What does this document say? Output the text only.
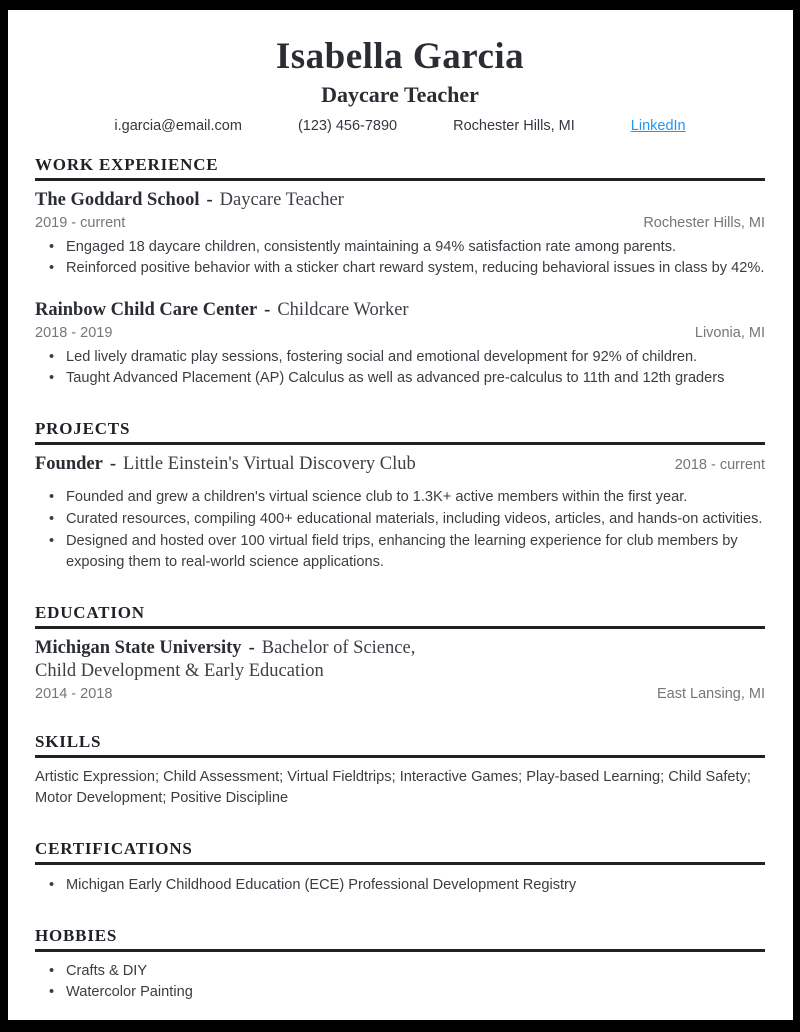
Isabella Garcia
Daycare Teacher
i.garcia@email.com	(123) 456-7890	Rochester Hills, MI	LinkedIn
WORK EXPERIENCE
The Goddard School - Daycare Teacher
2019 - current	Rochester Hills, MI
• Engaged 18 daycare children, consistently maintaining a 94% satisfaction rate among parents.
• Reinforced positive behavior with a sticker chart reward system, reducing behavioral issues in class by 42%.
Rainbow Child Care Center - Childcare Worker
2018 - 2019	Livonia, MI
• Led lively dramatic play sessions, fostering social and emotional development for 92% of children.
• Taught Advanced Placement (AP) Calculus as well as advanced pre-calculus to 11th and 12th graders
PROJECTS
Founder - Little Einstein's Virtual Discovery Club	2018 - current
• Founded and grew a children's virtual science club to 1.3K+ active members within the first year.
• Curated resources, compiling 400+ educational materials, including videos, articles, and hands-on activities.
• Designed and hosted over 100 virtual field trips, enhancing the learning experience for club members by exposing them to real-world science applications.
EDUCATION
Michigan State University - Bachelor of Science,
Child Development & Early Education
2014 - 2018	East Lansing, MI
SKILLS
Artistic Expression; Child Assessment; Virtual Fieldtrips; Interactive Games; Play-based Learning; Child Safety; Motor Development; Positive Discipline
CERTIFICATIONS
• Michigan Early Childhood Education (ECE) Professional Development Registry
HOBBIES
• Crafts & DIY
• Watercolor Painting
